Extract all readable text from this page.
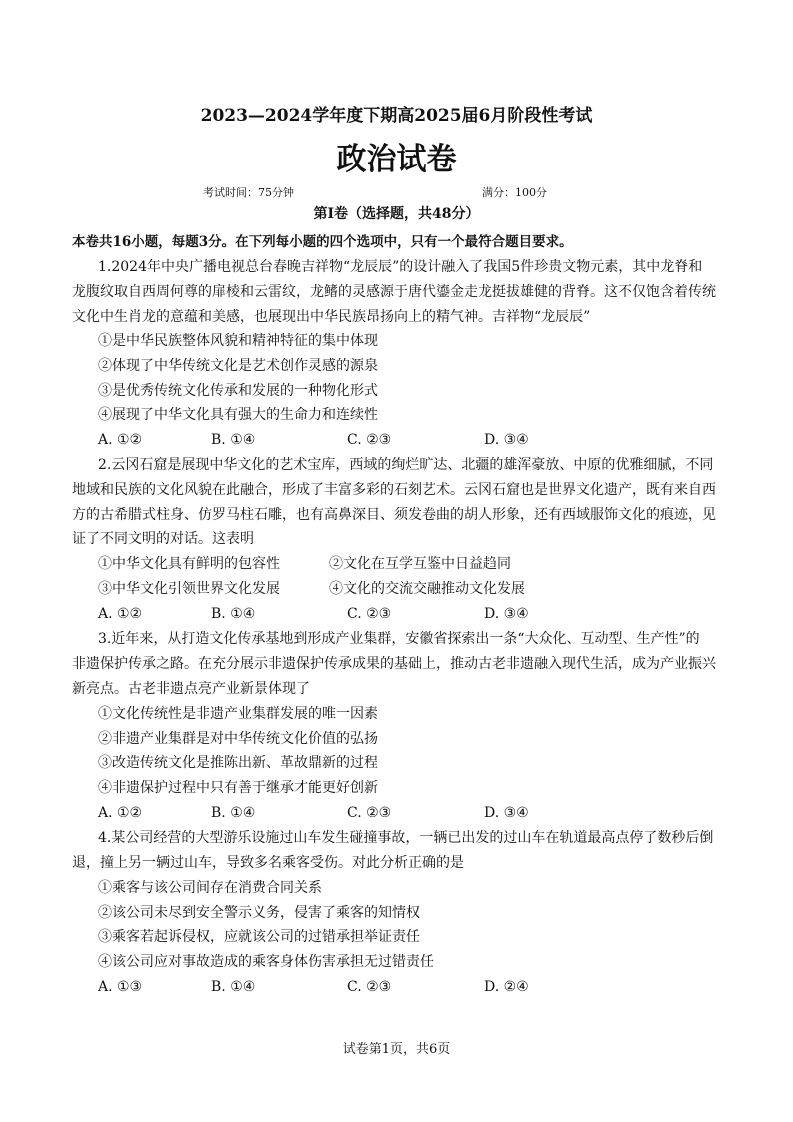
2023—2024学年度下期高2025届6月阶段性考试
政治试卷
考试时间：75分钟	满分：100分
第Ⅰ卷（选择题，共48分）
本卷共16小题，每题3分。在下列每小题的四个选项中，只有一个最符合题目要求。
1.2024年中央广播电视总台春晚吉祥物“龙辰辰”的设计融入了我国5件珍贵文物元素，其中龙脊和
龙腹纹取自西周何尊的扉棱和云雷纹，龙鳍的灵感源于唐代鎏金走龙挺拔雄健的背脊。这不仅饱含着传统
文化中生肖龙的意蕴和美感，也展现出中华民族昂扬向上的精气神。吉祥物“龙辰辰”
①是中华民族整体风貌和精神特征的集中体现
②体现了中华传统文化是艺术创作灵感的源泉
③是优秀传统文化传承和发展的一种物化形式
④展现了中华文化具有强大的生命力和连续性
A. ①②	B. ①④	C. ②③	D. ③④
2.云冈石窟是展现中华文化的艺术宝库，西域的绚烂旷达、北疆的雄浑豪放、中原的优雅细腻，不同
地域和民族的文化风貌在此融合，形成了丰富多彩的石刻艺术。云冈石窟也是世界文化遗产，既有来自西
方的古希腊式柱身、仿罗马柱石雕，也有高鼻深目、须发卷曲的胡人形象，还有西域服饰文化的痕迹，见
证了不同文明的对话。这表明
①中华文化具有鲜明的包容性	②文化在互学互鉴中日益趋同
③中华文化引领世界文化发展	④文化的交流交融推动文化发展
A. ①②	B. ①④	C. ②③	D. ③④
3.近年来，从打造文化传承基地到形成产业集群，安徽省探索出一条“大众化、互动型、生产性”的
非遗保护传承之路。在充分展示非遗保护传承成果的基础上，推动古老非遗融入现代生活，成为产业振兴
新亮点。古老非遗点亮产业新景体现了
①文化传统性是非遗产业集群发展的唯一因素
②非遗产业集群是对中华传统文化价值的弘扬
③改造传统文化是推陈出新、革故鼎新的过程
④非遗保护过程中只有善于继承才能更好创新
A. ①②	B. ①④	C. ②③	D. ③④
4.某公司经营的大型游乐设施过山车发生碰撞事故，一辆已出发的过山车在轨道最高点停了数秒后倒
退，撞上另一辆过山车，导致多名乘客受伤。对此分析正确的是
①乘客与该公司间存在消费合同关系
②该公司未尽到安全警示义务，侵害了乘客的知情权
③乘客若起诉侵权，应就该公司的过错承担举证责任
④该公司应对事故造成的乘客身体伤害承担无过错责任
A. ①③	B. ①④	C. ②③	D. ②④
试卷第1页，共6页
